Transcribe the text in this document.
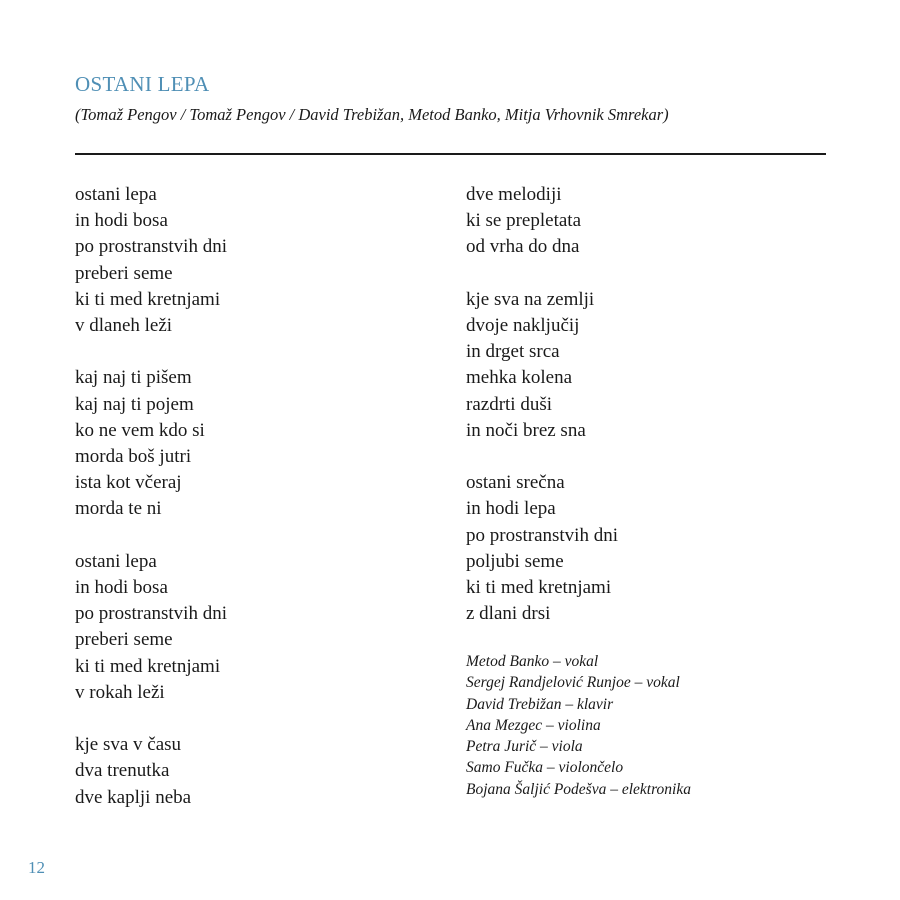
OSTANI LEPA
(Tomaž Pengov / Tomaž Pengov / David Trebižan, Metod Banko, Mitja Vrhovnik Smrekar)
ostani lepa
in hodi bosa
po prostranstvih dni
preberi seme
ki ti med kretnjami
v dlaneh leži
kaj naj ti pišem
kaj naj ti pojem
ko ne vem kdo si
morda boš jutri
ista kot včeraj
morda te ni
ostani lepa
in hodi bosa
po prostranstvih dni
preberi seme
ki ti med kretnjami
v rokah leži
kje sva v času
dva trenutka
dve kaplji neba
dve melodiji
ki se prepletata
od vrha do dna
kje sva na zemlji
dvoje naključij
in drget srca
mehka kolena
razdrti duši
in noči brez sna
ostani srečna
in hodi lepa
po prostranstvih dni
poljubi seme
ki ti med kretnjami
z dlani drsi
Metod Banko – vokal
Sergej Randjelović Runjoe – vokal
David Trebižan – klavir
Ana Mezgec – violina
Petra Jurič – viola
Samo Fučka – violončelo
Bojana Šaljić Podešva – elektronika
12
